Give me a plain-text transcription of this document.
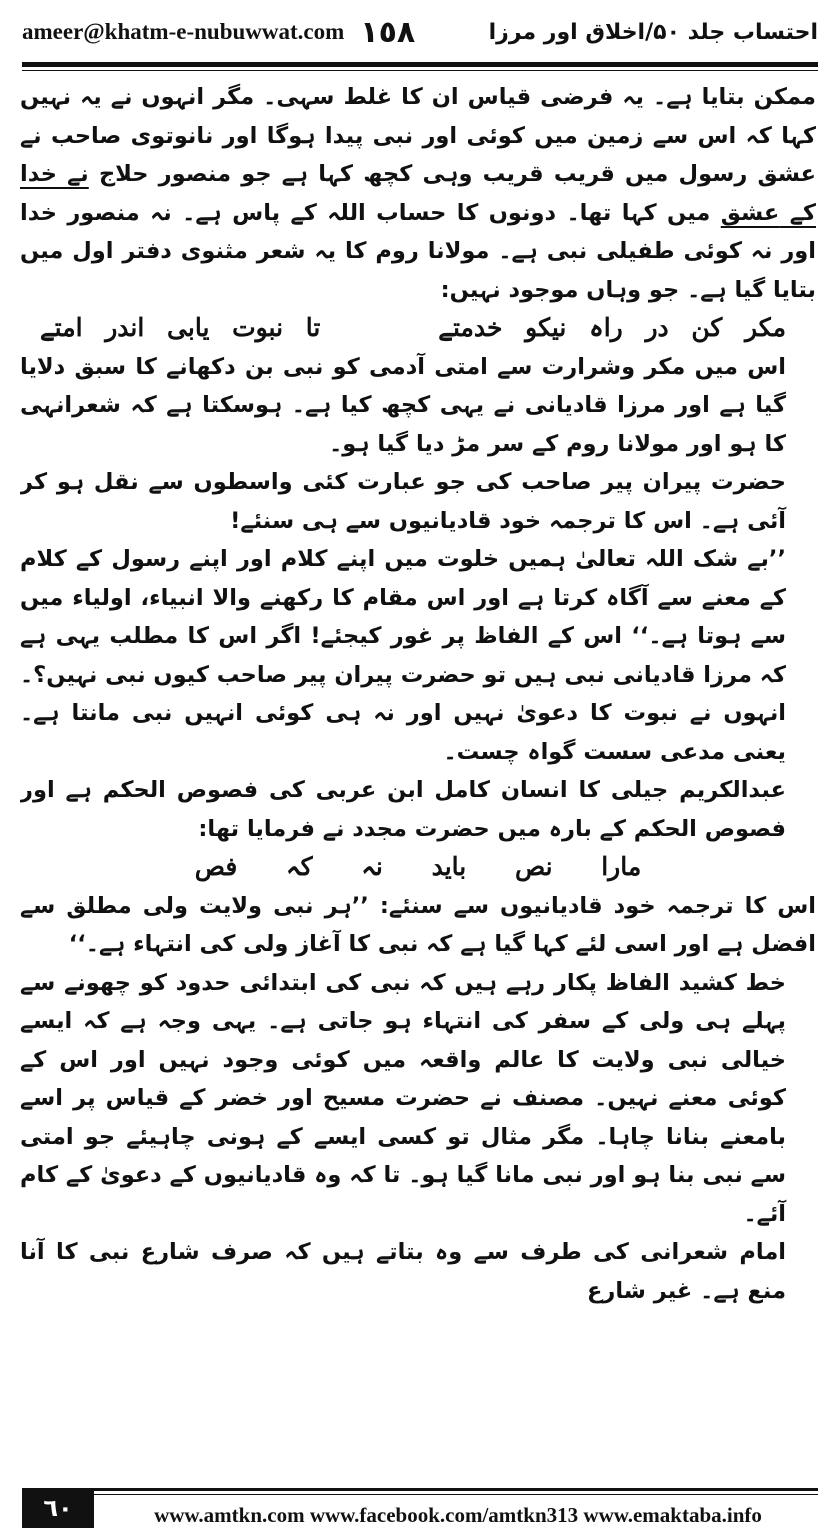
ameer@khatm-e-nubuwwat.com ١٥٨	احتساب جلد ۵۰/اخلاق اور مرزا

ممکن بتایا ہے۔ یہ فرضی قیاس ان کا غلط سہی۔ مگر انہوں نے یہ نہیں کہا کہ اس سے زمین میں کوئی اور نبی پیدا ہوگا اور نانوتوی صاحب نے عشق رسول میں قریب قریب وہی کچھ کہا ہے جو منصور حلاج نے خدا کے عشق میں کہا تھا۔ دونوں کا حساب اللہ کے پاس ہے۔ نہ منصور خدا اور نہ کوئی طفیلی نبی ہے۔ مولانا روم کا یہ شعر مثنوی دفتر اول میں بتایا گیا ہے۔ جو وہاں موجود نہیں:

مکر کن در راہ نیکو خدمتے
تا نبوت یابی اندر امتے

اس میں مکر وشرارت سے امتی آدمی کو نبی بن دکھانے کا سبق دلایا گیا ہے اور مرزا قادیانی نے یہی کچھ کیا ہے۔ ہوسکتا ہے کہ شعرانہی کا ہو اور مولانا روم کے سر مڑ دیا گیا ہو۔

حضرت پیران پیر صاحب کی جو عبارت کئی واسطوں سے نقل ہو کر آئی ہے۔ اس کا ترجمہ خود قادیانیوں سے ہی سنئے!

’’بے شک اللہ تعالیٰ ہمیں خلوت میں اپنے کلام اور اپنے رسول کے کلام کے معنے سے آگاہ کرتا ہے اور اس مقام کا رکھنے والا انبیاء، اولیاء میں سے ہوتا ہے۔‘‘ اس کے الفاظ پر غور کیجئے! اگر اس کا مطلب یہی ہے کہ مرزا قادیانی نبی ہیں تو حضرت پیران پیر صاحب کیوں نبی نہیں؟۔ انہوں نے نبوت کا دعویٰ نہیں اور نہ ہی کوئی انہیں نبی مانتا ہے۔ یعنی مدعی سست گواہ چست۔

عبدالکریم جیلی کا انسان کامل ابن عربی کی فصوص الحکم ہے اور فصوص الحکم کے بارہ میں حضرت مجدد نے فرمایا تھا:

مارا نص باید نہ کہ فص

اس کا ترجمہ خود قادیانیوں سے سنئے: ’’ہر نبی ولایت ولی مطلق سے افضل ہے اور اسی لئے کہا گیا ہے کہ نبی کا آغاز ولی کی انتہاء ہے۔‘‘

خط کشید الفاظ پکار رہے ہیں کہ نبی کی ابتدائی حدود کو چھونے سے پہلے ہی ولی کے سفر کی انتہاء ہو جاتی ہے۔ یہی وجہ ہے کہ ایسے خیالی نبی ولایت کا عالم واقعہ میں کوئی وجود نہیں اور اس کے کوئی معنے نہیں۔ مصنف نے حضرت مسیح اور خضر کے قیاس پر اسے بامعنے بنانا چاہا۔ مگر مثال تو کسی ایسے کے ہونی چاہیئے جو امتی سے نبی بنا ہو اور نبی مانا گیا ہو۔ تا کہ وہ قادیانیوں کے دعویٰ کے کام آئے۔

امام شعرانی کی طرف سے وہ بتاتے ہیں کہ صرف شارع نبی کا آنا منع ہے۔ غیر شارع

٦٠	www.amtkn.com www.facebook.com/amtkn313 www.emaktaba.info
